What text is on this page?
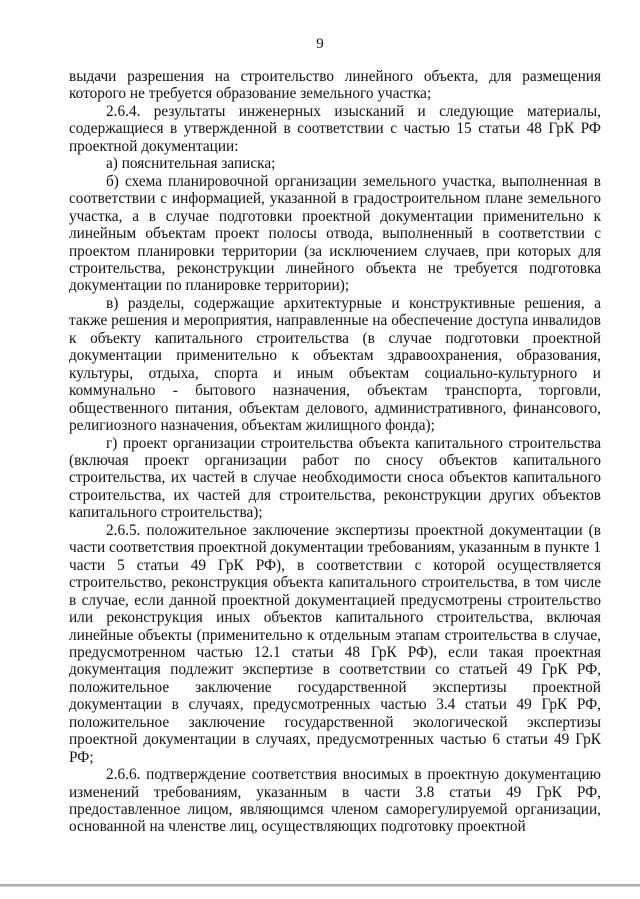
9

выдачи разрешения на строительство линейного объекта, для размещения которого не требуется образование земельного участка;

2.6.4. результаты инженерных изысканий и следующие материалы, содержащиеся в утвержденной в соответствии с частью 15 статьи 48 ГрК РФ проектной документации:

а) пояснительная записка;

б) схема планировочной организации земельного участка, выполненная в соответствии с информацией, указанной в градостроительном плане земельного участка, а в случае подготовки проектной документации применительно к линейным объектам проект полосы отвода, выполненный в соответствии с проектом планировки территории (за исключением случаев, при которых для строительства, реконструкции линейного объекта не требуется подготовка документации по планировке территории);

в) разделы, содержащие архитектурные и конструктивные решения, а также решения и мероприятия, направленные на обеспечение доступа инвалидов к объекту капитального строительства (в случае подготовки проектной документации применительно к объектам здравоохранения, образования, культуры, отдыха, спорта и иным объектам социально-культурного и коммунально - бытового назначения, объектам транспорта, торговли, общественного питания, объектам делового, административного, финансового, религиозного назначения, объектам жилищного фонда);

г) проект организации строительства объекта капитального строительства (включая проект организации работ по сносу объектов капитального строительства, их частей в случае необходимости сноса объектов капитального строительства, их частей для строительства, реконструкции других объектов капитального строительства);

2.6.5. положительное заключение экспертизы проектной документации (в части соответствия проектной документации требованиям, указанным в пункте 1 части 5 статьи 49 ГрК РФ), в соответствии с которой осуществляется строительство, реконструкция объекта капитального строительства, в том числе в случае, если данной проектной документацией предусмотрены строительство или реконструкция иных объектов капитального строительства, включая линейные объекты (применительно к отдельным этапам строительства в случае, предусмотренном частью 12.1 статьи 48 ГрК РФ), если такая проектная документация подлежит экспертизе в соответствии со статьей 49 ГрК РФ, положительное заключение государственной экспертизы проектной документации в случаях, предусмотренных частью 3.4 статьи 49 ГрК РФ, положительное заключение государственной экологической экспертизы проектной документации в случаях, предусмотренных частью 6 статьи 49 ГрК РФ;

2.6.6. подтверждение соответствия вносимых в проектную документацию изменений требованиям, указанным в части 3.8 статьи 49 ГрК РФ, предоставленное лицом, являющимся членом саморегулируемой организации, основанной на членстве лиц, осуществляющих подготовку проектной
